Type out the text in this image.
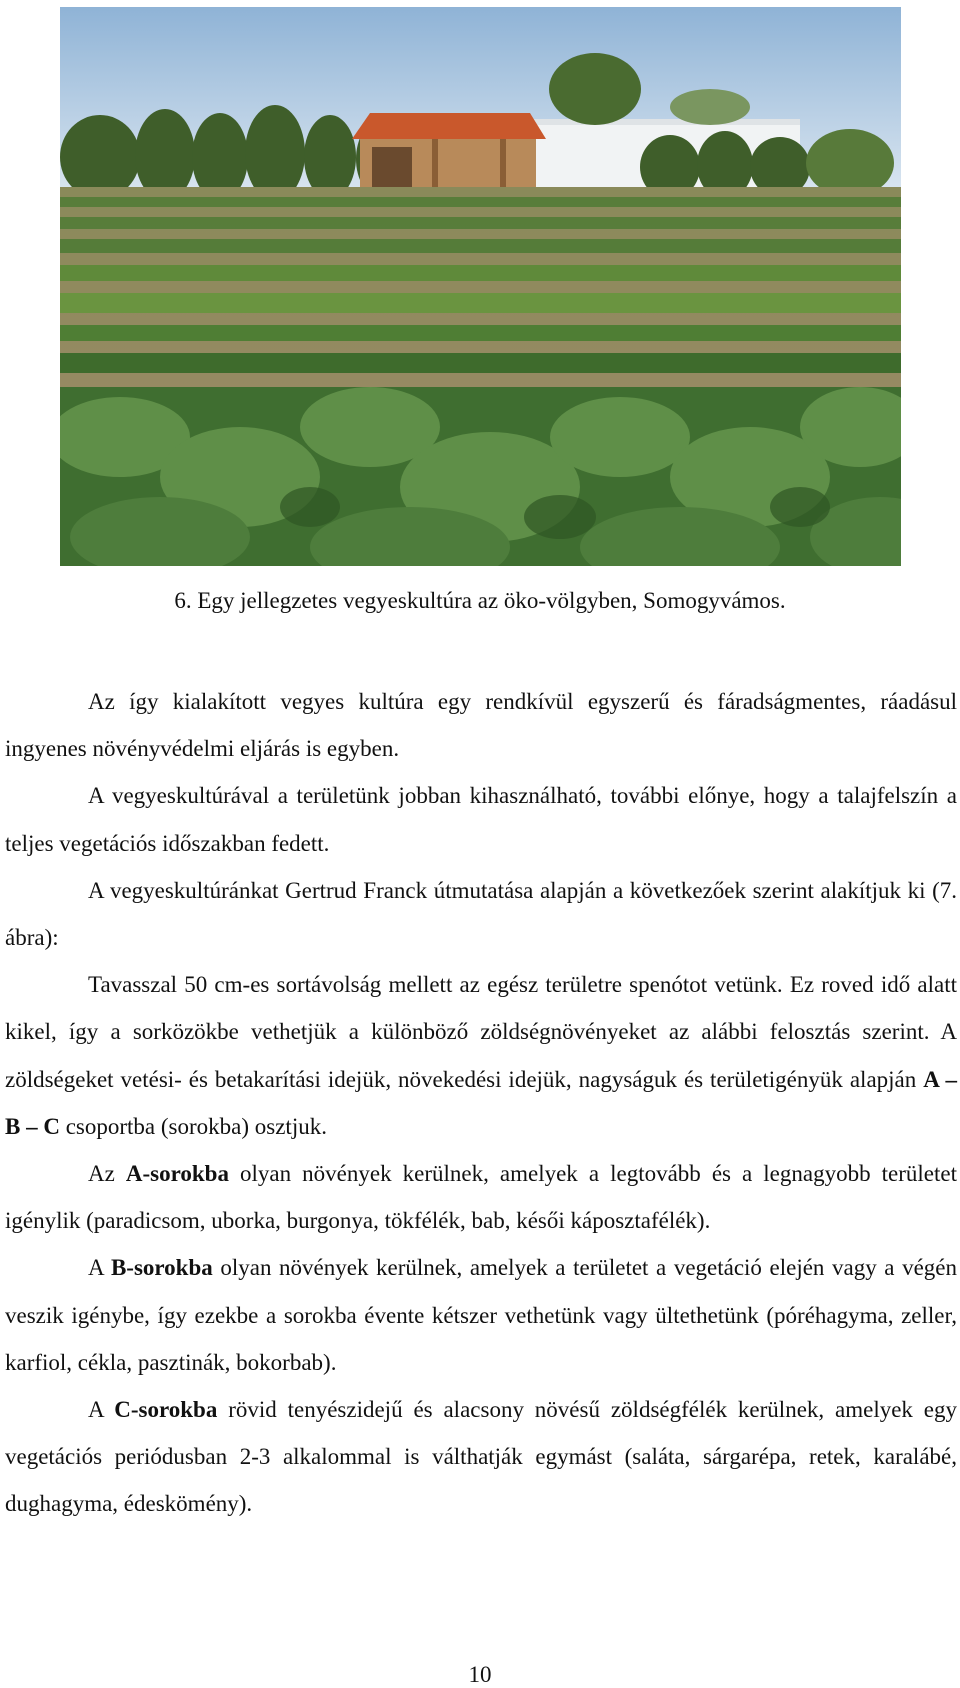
6. Egy jellegzetes vegyeskultúra az öko-völgyben, Somogyvámos.

Az így kialakított vegyes kultúra egy rendkívül egyszerű és fáradságmentes, ráadásul ingyenes növényvédelmi eljárás is egyben.

A vegyeskultúrával a területünk jobban kihasználható, további előnye, hogy a talajfelszín a teljes vegetációs időszakban fedett.

A vegyeskultúránkat Gertrud Franck útmutatása alapján a következőek szerint alakítjuk ki (7. ábra):

Tavasszal 50 cm-es sortávolság mellett az egész területre spenótot vetünk. Ez roved idő alatt kikel, így a sorközökbe vethetjük a különböző zöldségnövényeket az alábbi felosztás szerint. A zöldségeket vetési- és betakarítási idejük, növekedési idejük, nagyságuk és területigényük alapján A – B – C csoportba (sorokba) osztjuk.

Az A-sorokba olyan növények kerülnek, amelyek a legtovább és a legnagyobb területet igénylik (paradicsom, uborka, burgonya, tökfélék, bab, késői káposztafélék).

A B-sorokba olyan növények kerülnek, amelyek a területet a vegetáció elején vagy a végén veszik igénybe, így ezekbe a sorokba évente kétszer vethetünk vagy ültethetünk (póréhagyma, zeller, karfiol, cékla, pasztinák, bokorbab).

A C-sorokba rövid tenyészidejű és alacsony növésű zöldségfélék kerülnek, amelyek egy vegetációs periódusban 2-3 alkalommal is válthatják egymást (saláta, sárgarépa, retek, karalábé, dughagyma, édeskömény).

10
